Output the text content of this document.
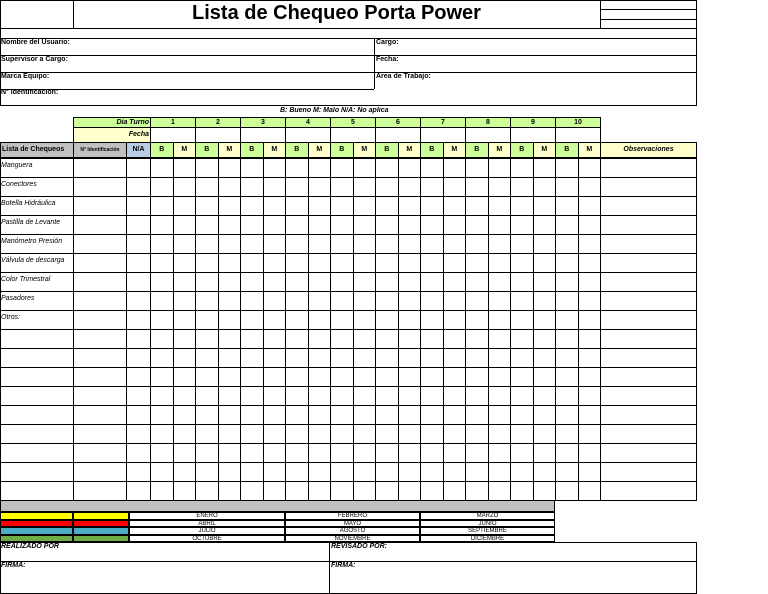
Lista de Chequeo Porta Power
Nombre del Usuario:	Cargo:
Supervisor a Cargo:	Fecha:
Marca Equipo:	Area de Trabajo:
N° Identificacion:
B: Bueno M: Malo N/A: No aplica
Dia Turno	1	2	3	4	5	6	7	8	9	10
Fecha
Lista de Chequeos	N° Identificación	N/A	B	M	B	M	B	M	B	M	B	M	B	M	B	M	B	M	B	M	B	M	Observaciones
Manguera
Conectores
Botella Hidráulica
Pastilla de Levante
Manómetro Presión
Válvula de descarga
Color Trimestral
Pasadores
Otros:
ENERO	FEBRERO	MARZO
ABRIL	MAYO	JUNIO
JULIO	AGOSTO	SEPTIEMBRE
OCTUBRE	NOVIEMBRE	DICIEMBRE
REALIZADO POR	REVISADO POR:
FIRMA:	FIRMA:
